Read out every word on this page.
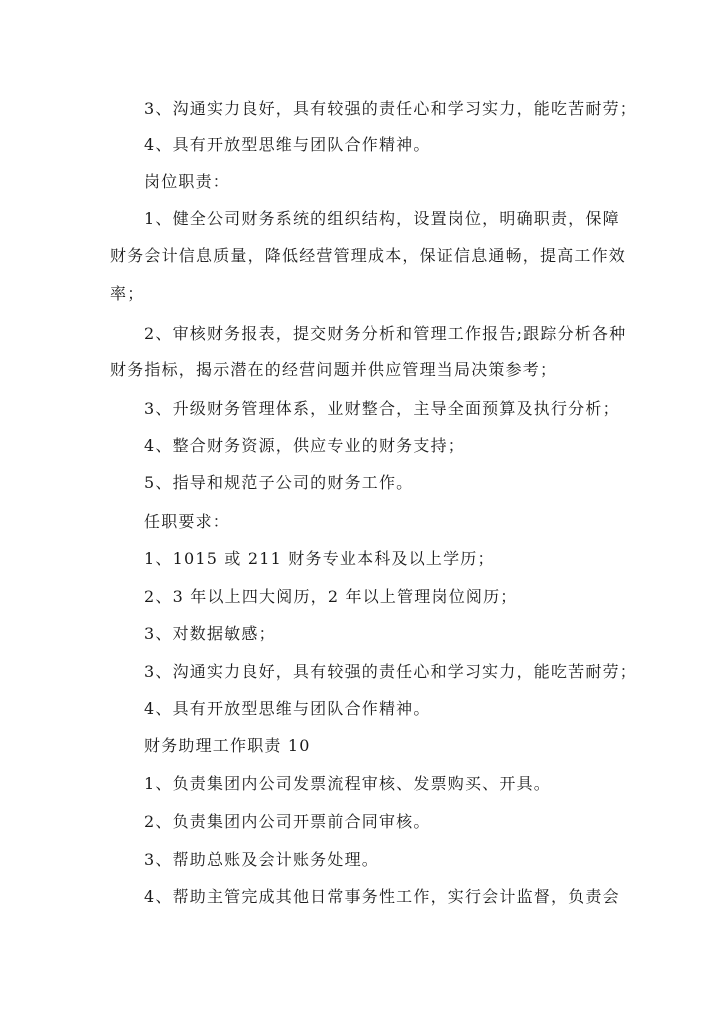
3、沟通实力良好，具有较强的责任心和学习实力，能吃苦耐劳；
4、具有开放型思维与团队合作精神。
岗位职责：
1、健全公司财务系统的组织结构，设置岗位，明确职责，保障
财务会计信息质量，降低经营管理成本，保证信息通畅，提高工作效
率；
2、审核财务报表，提交财务分析和管理工作报告;跟踪分析各种
财务指标，揭示潜在的经营问题并供应管理当局决策参考；
3、升级财务管理体系，业财整合，主导全面预算及执行分析；
4、整合财务资源，供应专业的财务支持；
5、指导和规范子公司的财务工作。
任职要求：
1、1015 或 211 财务专业本科及以上学历；
2、3 年以上四大阅历，2 年以上管理岗位阅历；
3、对数据敏感；
3、沟通实力良好，具有较强的责任心和学习实力，能吃苦耐劳；
4、具有开放型思维与团队合作精神。
财务助理工作职责 10
1、负责集团内公司发票流程审核、发票购买、开具。
2、负责集团内公司开票前合同审核。
3、帮助总账及会计账务处理。
4、帮助主管完成其他日常事务性工作，实行会计监督，负责会
